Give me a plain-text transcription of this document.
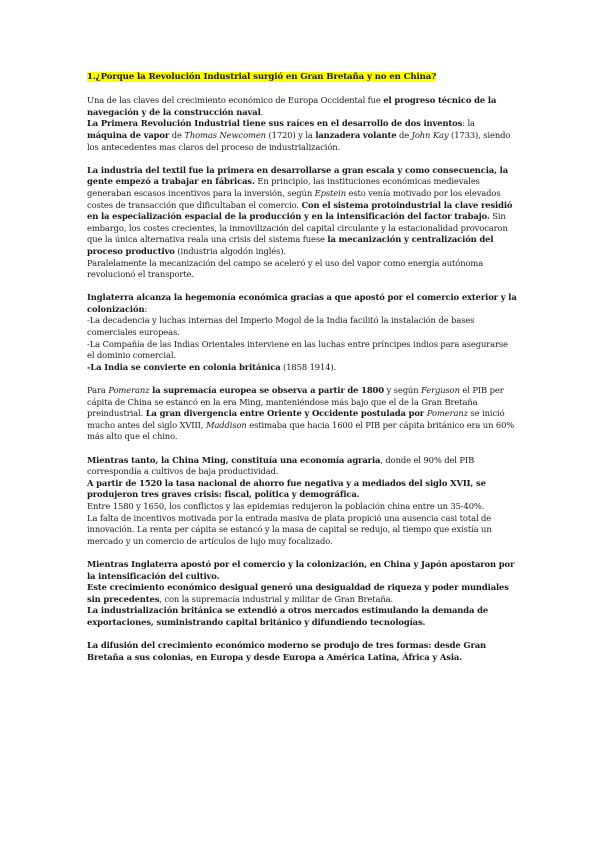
1.¿Porque la Revolución Industrial surgió en Gran Bretaña y no en China?

Una de las claves del crecimiento económico de Europa Occidental fue el progreso técnico de la navegación y de la construcción naval.
La Primera Revolución Industrial tiene sus raíces en el desarrollo de dos inventos: la máquina de vapor de Thomas Newcomen (1720) y la lanzadera volante de John Kay (1733), siendo los antecedentes mas claros del proceso de industrialización.

La industria del textil fue la primera en desarrollarse a gran escala y como consecuencia, la gente empezó a trabajar en fábricas. En principio, las instituciones económicas medievales generaban escasos incentivos para la inversión, según Epstein esto venía motivado por los elevados costes de transacción que dificultaban el comercio. Con el sistema protoindustrial la clave residió en la especialización espacial de la producción y en la intensificación del factor trabajo. Sin embargo, los costes crecientes, la inmovilización del capital circulante y la estacionalidad provocaron que la única alternativa reala una crisis del sistema fuese la mecanización y centralización del proceso productivo (industria algodón inglés).
Paralelamente la mecanización del campo se aceleró y el uso del vapor como energía autónoma revolucionó el transporte.

Inglaterra alcanza la hegemonía económica gracias a que apostó por el comercio exterior y la colonización:
-La decadencia y luchas internas del Imperio Mogol de la India facilitó la instalación de bases comerciales europeas.
-La Compañía de las Indias Orientales interviene en las luchas entre príncipes indios para asegurarse el dominio comercial.
-La India se convierte en colonia británica (1858 1914).

Para Pomeranz la supremacía europea se observa a partir de 1800 y según Ferguson el PIB per cápita de China se estancó en la era Ming, manteniéndose más bajo que el de la Gran Bretaña preindustrial. La gran divergencia entre Oriente y Occidente postulada por Pomeranz se inició mucho antes del siglo XVIII, Maddison estimaba que hacia 1600 el PIB per cápita británico era un 60% más alto que el chino.

Mientras tanto, la China Ming, constituía una economía agraria, donde el 90% del PIB correspondía a cultivos de baja productividad.
A partir de 1520 la tasa nacional de ahorro fue negativa y a mediados del siglo XVII, se produjeron tres graves crisis: fiscal, política y demográfica.
Entre 1580 y 1650, los conflictos y las epidemias redujeron la población china entre un 35-40%.
La falta de incentivos motivada por la entrada masiva de plata propició una ausencia casi total de innovación. La renta per cápita se estancó y la masa de capital se redujo, al tiempo que existía un mercado y un comercio de artículos de lujo muy focalizado.

Mientras Inglaterra apostó por el comercio y la colonización, en China y Japón apostaron por la intensificación del cultivo.
Este crecimiento económico desigual generó una desigualdad de riqueza y poder mundiales sin precedentes, con la supremacía industrial y militar de Gran Bretaña.
La industrialización británica se extendió a otros mercados estimulando la demanda de exportaciones, suministrando capital británico y difundiendo tecnologías.

La difusión del crecimiento económico moderno se produjo de tres formas: desde Gran Bretaña a sus colonias, en Europa y desde Europa a América Latina, África y Asia.
